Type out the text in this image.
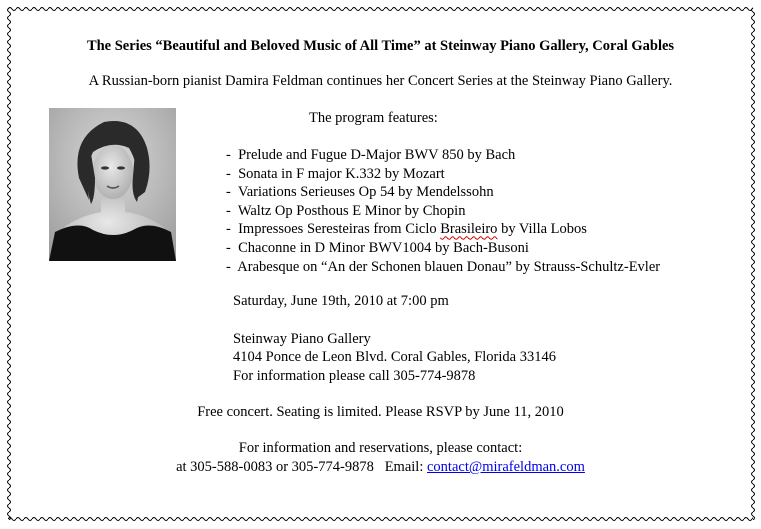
The Series “Beautiful and Beloved Music of All Time” at Steinway Piano Gallery, Coral Gables
A Russian-born pianist Damira Feldman continues her Concert Series at the Steinway Piano Gallery.
The program features:
- Prelude and Fugue D-Major BWV 850 by Bach
- Sonata in F major K.332 by Mozart
- Variations Serieuses Op 54 by Mendelssohn
- Waltz Op Posthous E Minor by Chopin
- Impressoes Seresteiras from Ciclo Brasileiro by Villa Lobos
- Chaconne in D Minor BWV1004 by Bach-Busoni
- Arabesque on “An der Schonen blauen Donau” by Strauss-Schultz-Evler
Saturday, June 19th, 2010 at 7:00 pm
Steinway Piano Gallery
4104 Ponce de Leon Blvd. Coral Gables, Florida 33146
For information please call 305-774-9878
Free concert. Seating is limited. Please RSVP by June 11, 2010
For information and reservations, please contact:
at 305-588-0083 or 305-774-9878 Email: contact@mirafeldman.com
